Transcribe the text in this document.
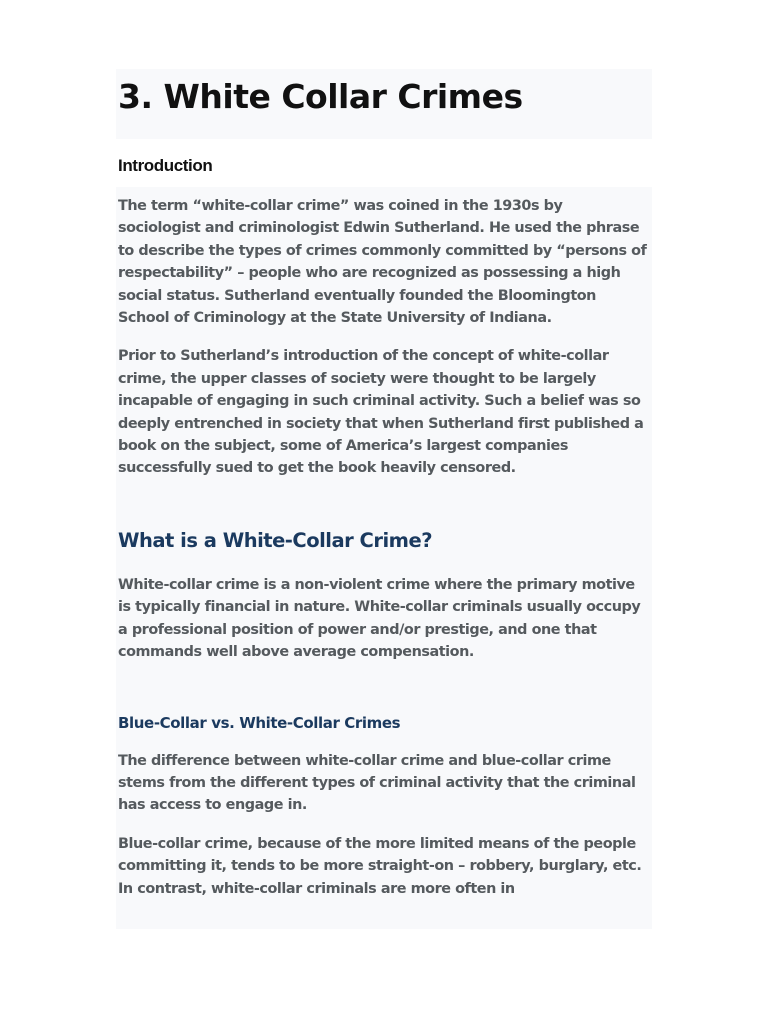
3. White Collar Crimes
Introduction

The term “white-collar crime” was coined in the 1930s by sociologist and criminologist Edwin Sutherland. He used the phrase to describe the types of crimes commonly committed by “persons of respectability” – people who are recognized as possessing a high social status. Sutherland eventually founded the Bloomington School of Criminology at the State University of Indiana.

Prior to Sutherland’s introduction of the concept of white-collar crime, the upper classes of society were thought to be largely incapable of engaging in such criminal activity. Such a belief was so deeply entrenched in society that when Sutherland first published a book on the subject, some of America’s largest companies successfully sued to get the book heavily censored.

What is a White-Collar Crime?

White-collar crime is a non-violent crime where the primary motive is typically financial in nature. White-collar criminals usually occupy a professional position of power and/or prestige, and one that commands well above average compensation.

Blue-Collar vs. White-Collar Crimes

The difference between white-collar crime and blue-collar crime stems from the different types of criminal activity that the criminal has access to engage in.

Blue-collar crime, because of the more limited means of the people committing it, tends to be more straight-on – robbery, burglary, etc. In contrast, white-collar criminals are more often in
